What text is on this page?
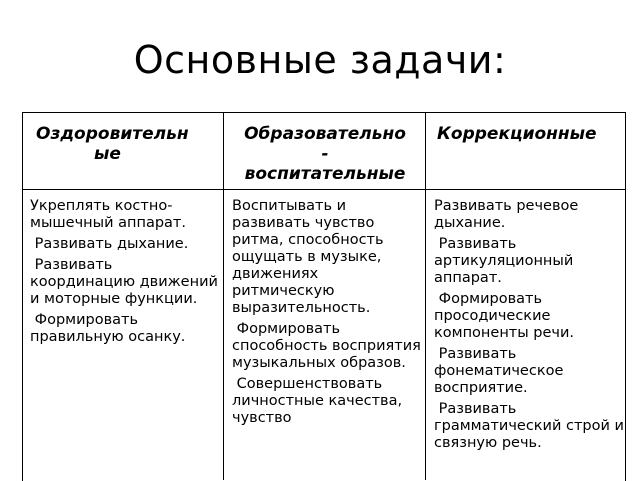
Основные задачи:
Оздоровительн
ые
Образовательно
-
воспитательные
Коррекционные

Укреплять костно-мышечный аппарат.

Развивать дыхание.

Развивать координацию движений и моторные функции.

Формировать правильную осанку.

Воспитывать и развивать чувство ритма, способность ощущать в музыке, движениях ритмическую выразительность.

Формировать способность восприятия музыкальных образов.

Совершенствовать личностные качества, чувство

Развивать речевое дыхание.

Развивать артикуляционный аппарат.

Формировать просодические компоненты речи.

Развивать фонематическое восприятие.

Развивать грамматический строй и связную речь.
